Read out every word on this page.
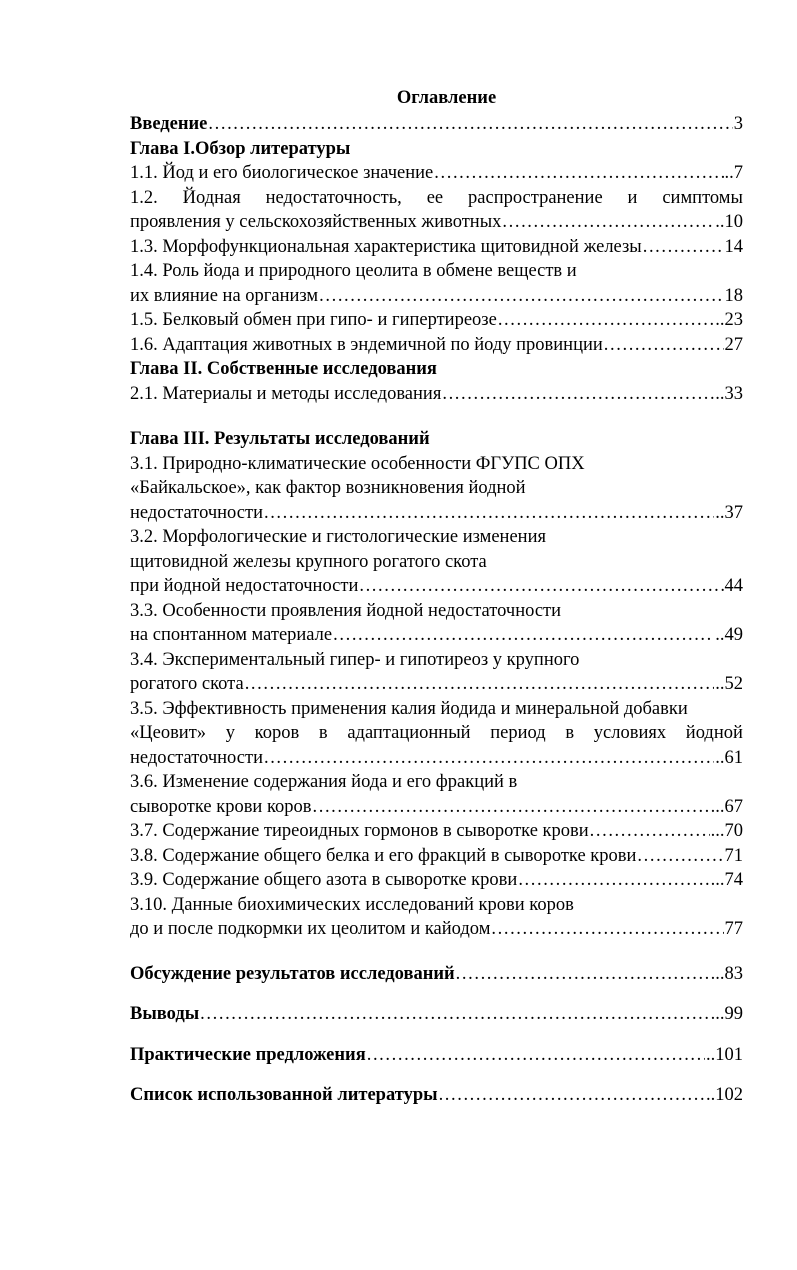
Оглавление
Введение .....	3
Глава I.Обзор литературы
1.1. Йод и его биологическое значение .....	..7
1.2. Йодная недостаточность, ее распространение и симптомы
проявления у сельскохозяйственных животных .....	..10
1.3. Морфофункциональная характеристика щитовидной железы .....	14
1.4. Роль йода и природного цеолита в обмене веществ и
их влияние на организм .....	18
1.5. Белковый обмен при гипо- и гипертиреозе .....	..23
1.6. Адаптация животных в эндемичной по йоду провинции .....	27
Глава II. Собственные исследования
2.1. Материалы и методы исследования .....	..33
Глава III. Результаты исследований
3.1. Природно-климатические особенности ФГУПС ОПХ
«Байкальское», как фактор возникновения йодной
недостаточности .....	..37
3.2. Морфологические и гистологические изменения
щитовидной железы крупного рогатого скота
при йодной недостаточности .....	44
3.3. Особенности проявления йодной недостаточности
на спонтанном материале .....	..49
3.4. Экспериментальный гипер- и гипотиреоз у крупного
рогатого скота .....	..52
3.5. Эффективность применения калия йодида и минеральной добавки
«Цеовит» у коров в адаптационный период в условиях йодной
недостаточности .....	..61
3.6. Изменение содержания йода и его фракций в
сыворотке крови коров .....	...67
3.7. Содержание тиреоидных гормонов в сыворотке крови .....	...70
3.8. Содержание общего белка и его фракций в сыворотке крови .....	71
3.9. Содержание общего азота в сыворотке крови .....	...74
3.10. Данные биохимических исследований крови коров
до и после подкормки их цеолитом и кайодом .....	77
Обсуждение результатов исследований .....	...83
Выводы .....	...99
Практические предложения .....	..101
Список использованной литературы .....	..102
